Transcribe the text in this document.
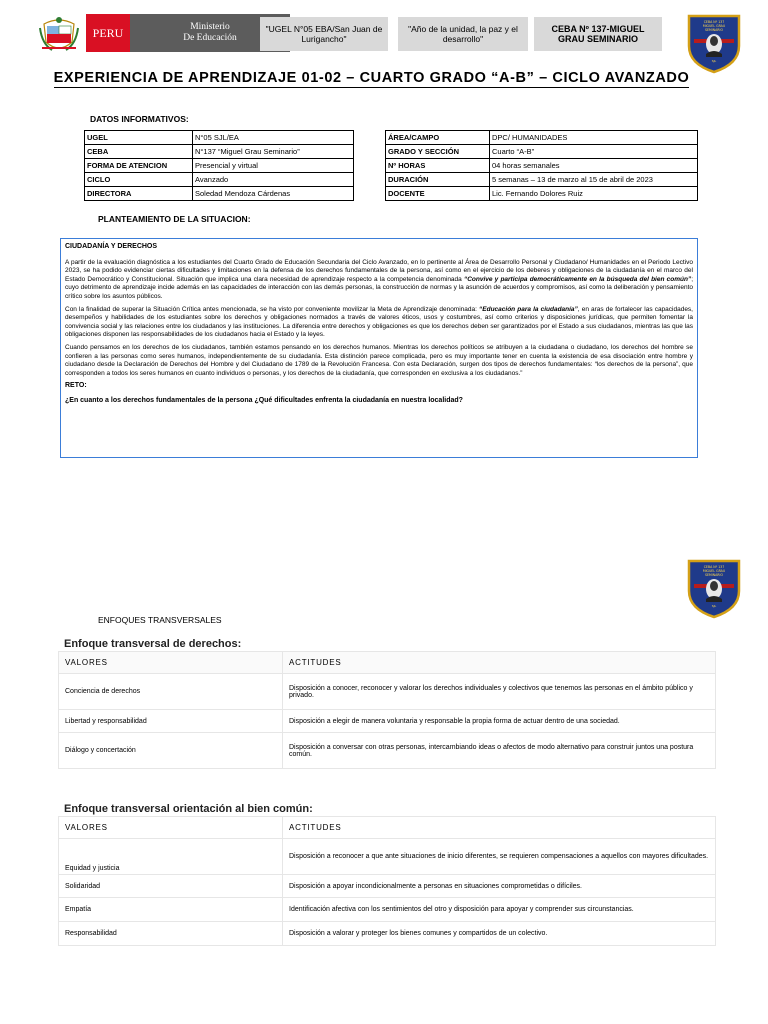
PERU	Ministerio
De Educación
"UGEL N°05 EBA/San Juan de Lurigancho"
"Año de la unidad, la paz y el desarrollo"
CEBA Nº 137-MIGUEL GRAU SEMINARIO
CEBA Nº 137
MIGUEL GRAU
SEMINARIO
SJL
EXPERIENCIA DE APRENDIZAJE 01-02 – CUARTO GRADO “A-B” – CICLO AVANZADO
DATOS INFORMATIVOS:
UGEL	N°05 SJL/EA
CEBA	N°137 “Miguel Grau Seminario”
FORMA DE ATENCION	Presencial y virtual
CICLO	Avanzado
DIRECTORA	Soledad Mendoza Cárdenas
ÁREA/CAMPO	DPC/ HUMANIDADES
GRADO Y SECCIÓN	Cuarto “A-B”
Nº HORAS	04 horas semanales
DURACIÓN	5 semanas – 13 de marzo al 15 de abril de 2023
DOCENTE	Lic. Fernando Dolores Ruiz
PLANTEAMIENTO DE LA SITUACION:
CIUDADANÍA Y DERECHOS

A partir de la evaluación diagnóstica a los estudiantes del Cuarto Grado de Educación Secundaria del Ciclo Avanzado, en lo pertinente al Área de Desarrollo Personal y Ciudadano/ Humanidades en el Periodo Lectivo 2023, se ha podido evidenciar ciertas dificultades y limitaciones en la defensa de los derechos fundamentales de la persona, así como en el ejercicio de los deberes y obligaciones de la ciudadanía en el marco del Estado Democrático y Constitucional. Situación que implica una clara necesidad de aprendizaje respecto a la competencia denominada “Convive y participa democráticamente en la búsqueda del bien común”; cuyo detrimento de aprendizaje incide además en las capacidades de interacción con las demás personas, la construcción de normas y la asunción de acuerdos y compromisos, así como la deliberación y pensamiento crítico sobre los asuntos públicos.

Con la finalidad de superar la Situación Crítica antes mencionada, se ha visto por conveniente movilizar la Meta de Aprendizaje denominada: “Educación para la ciudadanía”, en aras de fortalecer las capacidades, desempeños y habilidades de los estudiantes sobre los derechos y obligaciones normados a través de valores éticos, usos y costumbres, así como criterios y disposiciones jurídicas, que permiten fomentar la convivencia social y las relaciones entre los ciudadanos y las instituciones. La diferencia entre derechos y obligaciones es que los derechos deben ser garantizados por el Estado a sus ciudadanos, mientras las que las obligaciones disponen las responsabilidades de los ciudadanos hacia el Estado y la leyes.

Cuando pensamos en los derechos de los ciudadanos, también estamos pensando en los derechos humanos. Mientras los derechos políticos se atribuyen a la ciudadana o ciudadano, los derechos del hombre se confieren a las personas como seres humanos, independientemente de su ciudadanía. Esta distinción parece complicada, pero es muy importante tener en cuenta la existencia de esa disociación entre hombre y ciudadano desde la Declaración de Derechos del Hombre y del Ciudadano de 1789 de la Revolución Francesa. Con esta Declaración, surgen dos tipos de derechos fundamentales: “los derechos de la persona”, que corresponden a todos los seres humanos en cuanto individuos o personas, y los derechos de la ciudadanía, que corresponden en exclusiva a los ciudadanos.”

RETO:
¿En cuanto a los derechos fundamentales de la persona ¿Qué dificultades enfrenta la ciudadanía en nuestra localidad?
CEBA Nº 137
MIGUEL GRAU
SEMINARIO
SJL
ENFOQUES TRANSVERSALES
Enfoque transversal de derechos:
VALORES	ACTITUDES
Conciencia de derechos	Disposición a conocer, reconocer y valorar los derechos individuales y colectivos que tenemos las personas en el ámbito público y privado.
Libertad y responsabilidad	Disposición a elegir de manera voluntaria y responsable la propia forma de actuar dentro de una sociedad.
Diálogo y concertación	Disposición a conversar con otras personas, intercambiando ideas o afectos de modo alternativo para construir juntos una postura común.
Enfoque transversal orientación al bien común:
VALORES	ACTITUDES
Equidad y justicia	Disposición a reconocer a que ante situaciones de inicio diferentes, se requieren compensaciones a aquellos con mayores dificultades.
Solidaridad	Disposición a apoyar incondicionalmente a personas en situaciones comprometidas o difíciles.
Empatía	Identificación afectiva con los sentimientos del otro y disposición para apoyar y comprender sus circunstancias.
Responsabilidad	Disposición a valorar y proteger los bienes comunes y compartidos de un colectivo.
